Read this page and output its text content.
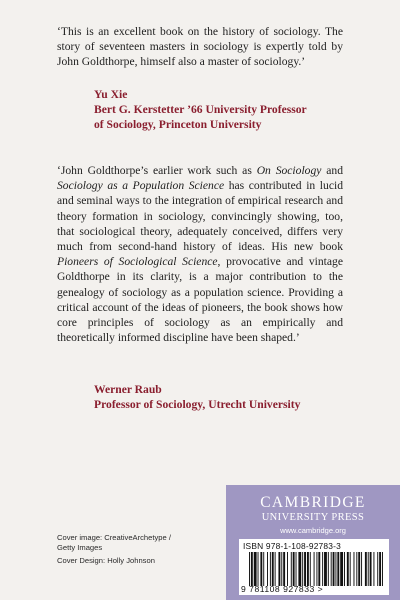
‘This is an excellent book on the history of sociology. The story of seventeen masters in sociology is expertly told by John Goldthorpe, himself also a master of sociology.’

Yu Xie
Bert G. Kerstetter ’66 University Professor
of Sociology, Princeton University

‘John Goldthorpe’s earlier work such as On Sociology and Sociology as a Population Science has contributed in lucid and seminal ways to the integration of empirical research and theory formation in sociology, convincingly showing, too, that sociological theory, adequately conceived, differs very much from second-hand history of ideas. His new book Pioneers of Sociological Science, provocative and vintage Goldthorpe in its clarity, is a major contribution to the genealogy of sociology as a population science. Providing a critical account of the ideas of pioneers, the book shows how core principles of sociology as an empirically and theoretically informed discipline have been shaped.’

Werner Raub
Professor of Sociology, Utrecht University
Cover image: CreativeArchetype /
Getty Images
Cover Design: Holly Johnson
CAMBRIDGE
UNIVERSITY PRESS
www.cambridge.org
ISBN 978-1-108-92783-3
9 781108 927833 >
